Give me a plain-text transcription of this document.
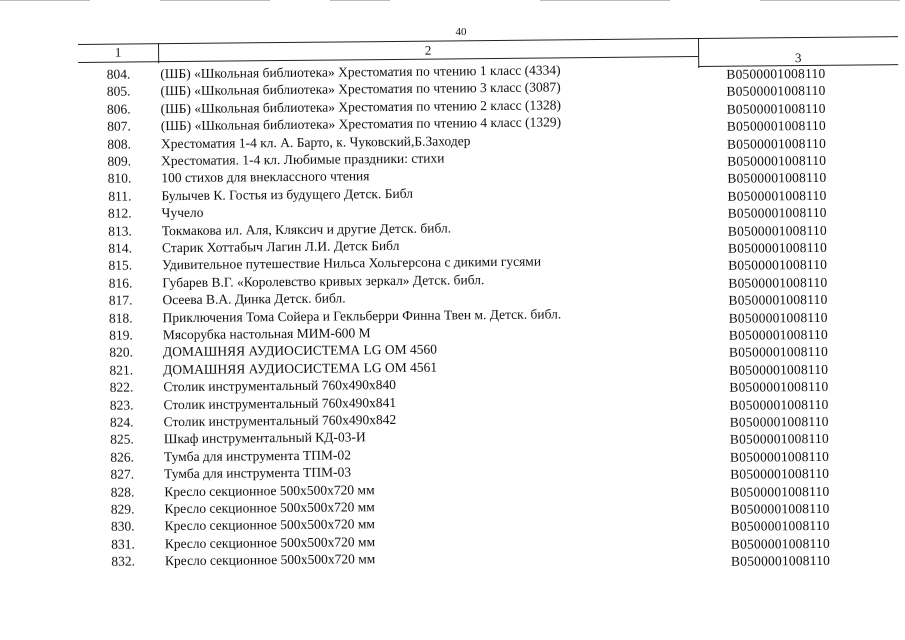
40
1	2	3
804. (ШБ) «Школьная библиотека» Хрестоматия по чтению 1 класс (4334)	B0500001008110
805. (ШБ) «Школьная библиотека» Хрестоматия по чтению 3 класс (3087)	B0500001008110
806. (ШБ) «Школьная библиотека» Хрестоматия по чтению 2 класс (1328)	B0500001008110
807. (ШБ) «Школьная библиотека» Хрестоматия по чтению 4 класс (1329)	B0500001008110
808. Хрестоматия 1-4 кл. А. Барто, к. Чуковский,Б.Заходер	B0500001008110
809. Хрестоматия. 1-4 кл. Любимые праздники: стихи	B0500001008110
810. 100 стихов для внеклассного чтения	B0500001008110
811. Булычев К. Гостья из будущего Детск. Библ	B0500001008110
812. Чучело	B0500001008110
813. Токмакова ил. Аля, Кляксич и другие Детск. библ.	B0500001008110
814. Старик Хоттабыч Лагин Л.И. Детск Библ	B0500001008110
815. Удивительное путешествие Нильса Хольгерсона с дикими гусями	B0500001008110
816. Губарев В.Г. «Королевство кривых зеркал» Детск. библ.	B0500001008110
817. Осеева В.А. Динка Детск. библ.	B0500001008110
818. Приключения Тома Сойера и Гекльберри Финна Твен м. Детск. библ.	B0500001008110
819. Мясорубка настольная МИМ-600 М	B0500001008110
820. ДОМАШНЯЯ АУДИОСИСТЕМА LG OM 4560	B0500001008110
821. ДОМАШНЯЯ АУДИОСИСТЕМА LG OM 4561	B0500001008110
822. Столик инструментальный 760х490х840	B0500001008110
823. Столик инструментальный 760х490х841	B0500001008110
824. Столик инструментальный 760х490х842	B0500001008110
825. Шкаф инструментальный КД-03-И	B0500001008110
826. Тумба для инструмента ТПМ-02	B0500001008110
827. Тумба для инструмента ТПМ-03	B0500001008110
828. Кресло секционное 500х500х720 мм	B0500001008110
829. Кресло секционное 500х500х720 мм	B0500001008110
830. Кресло секционное 500х500х720 мм	B0500001008110
831. Кресло секционное 500х500х720 мм	B0500001008110
832. Кресло секционное 500х500х720 мм	B0500001008110
